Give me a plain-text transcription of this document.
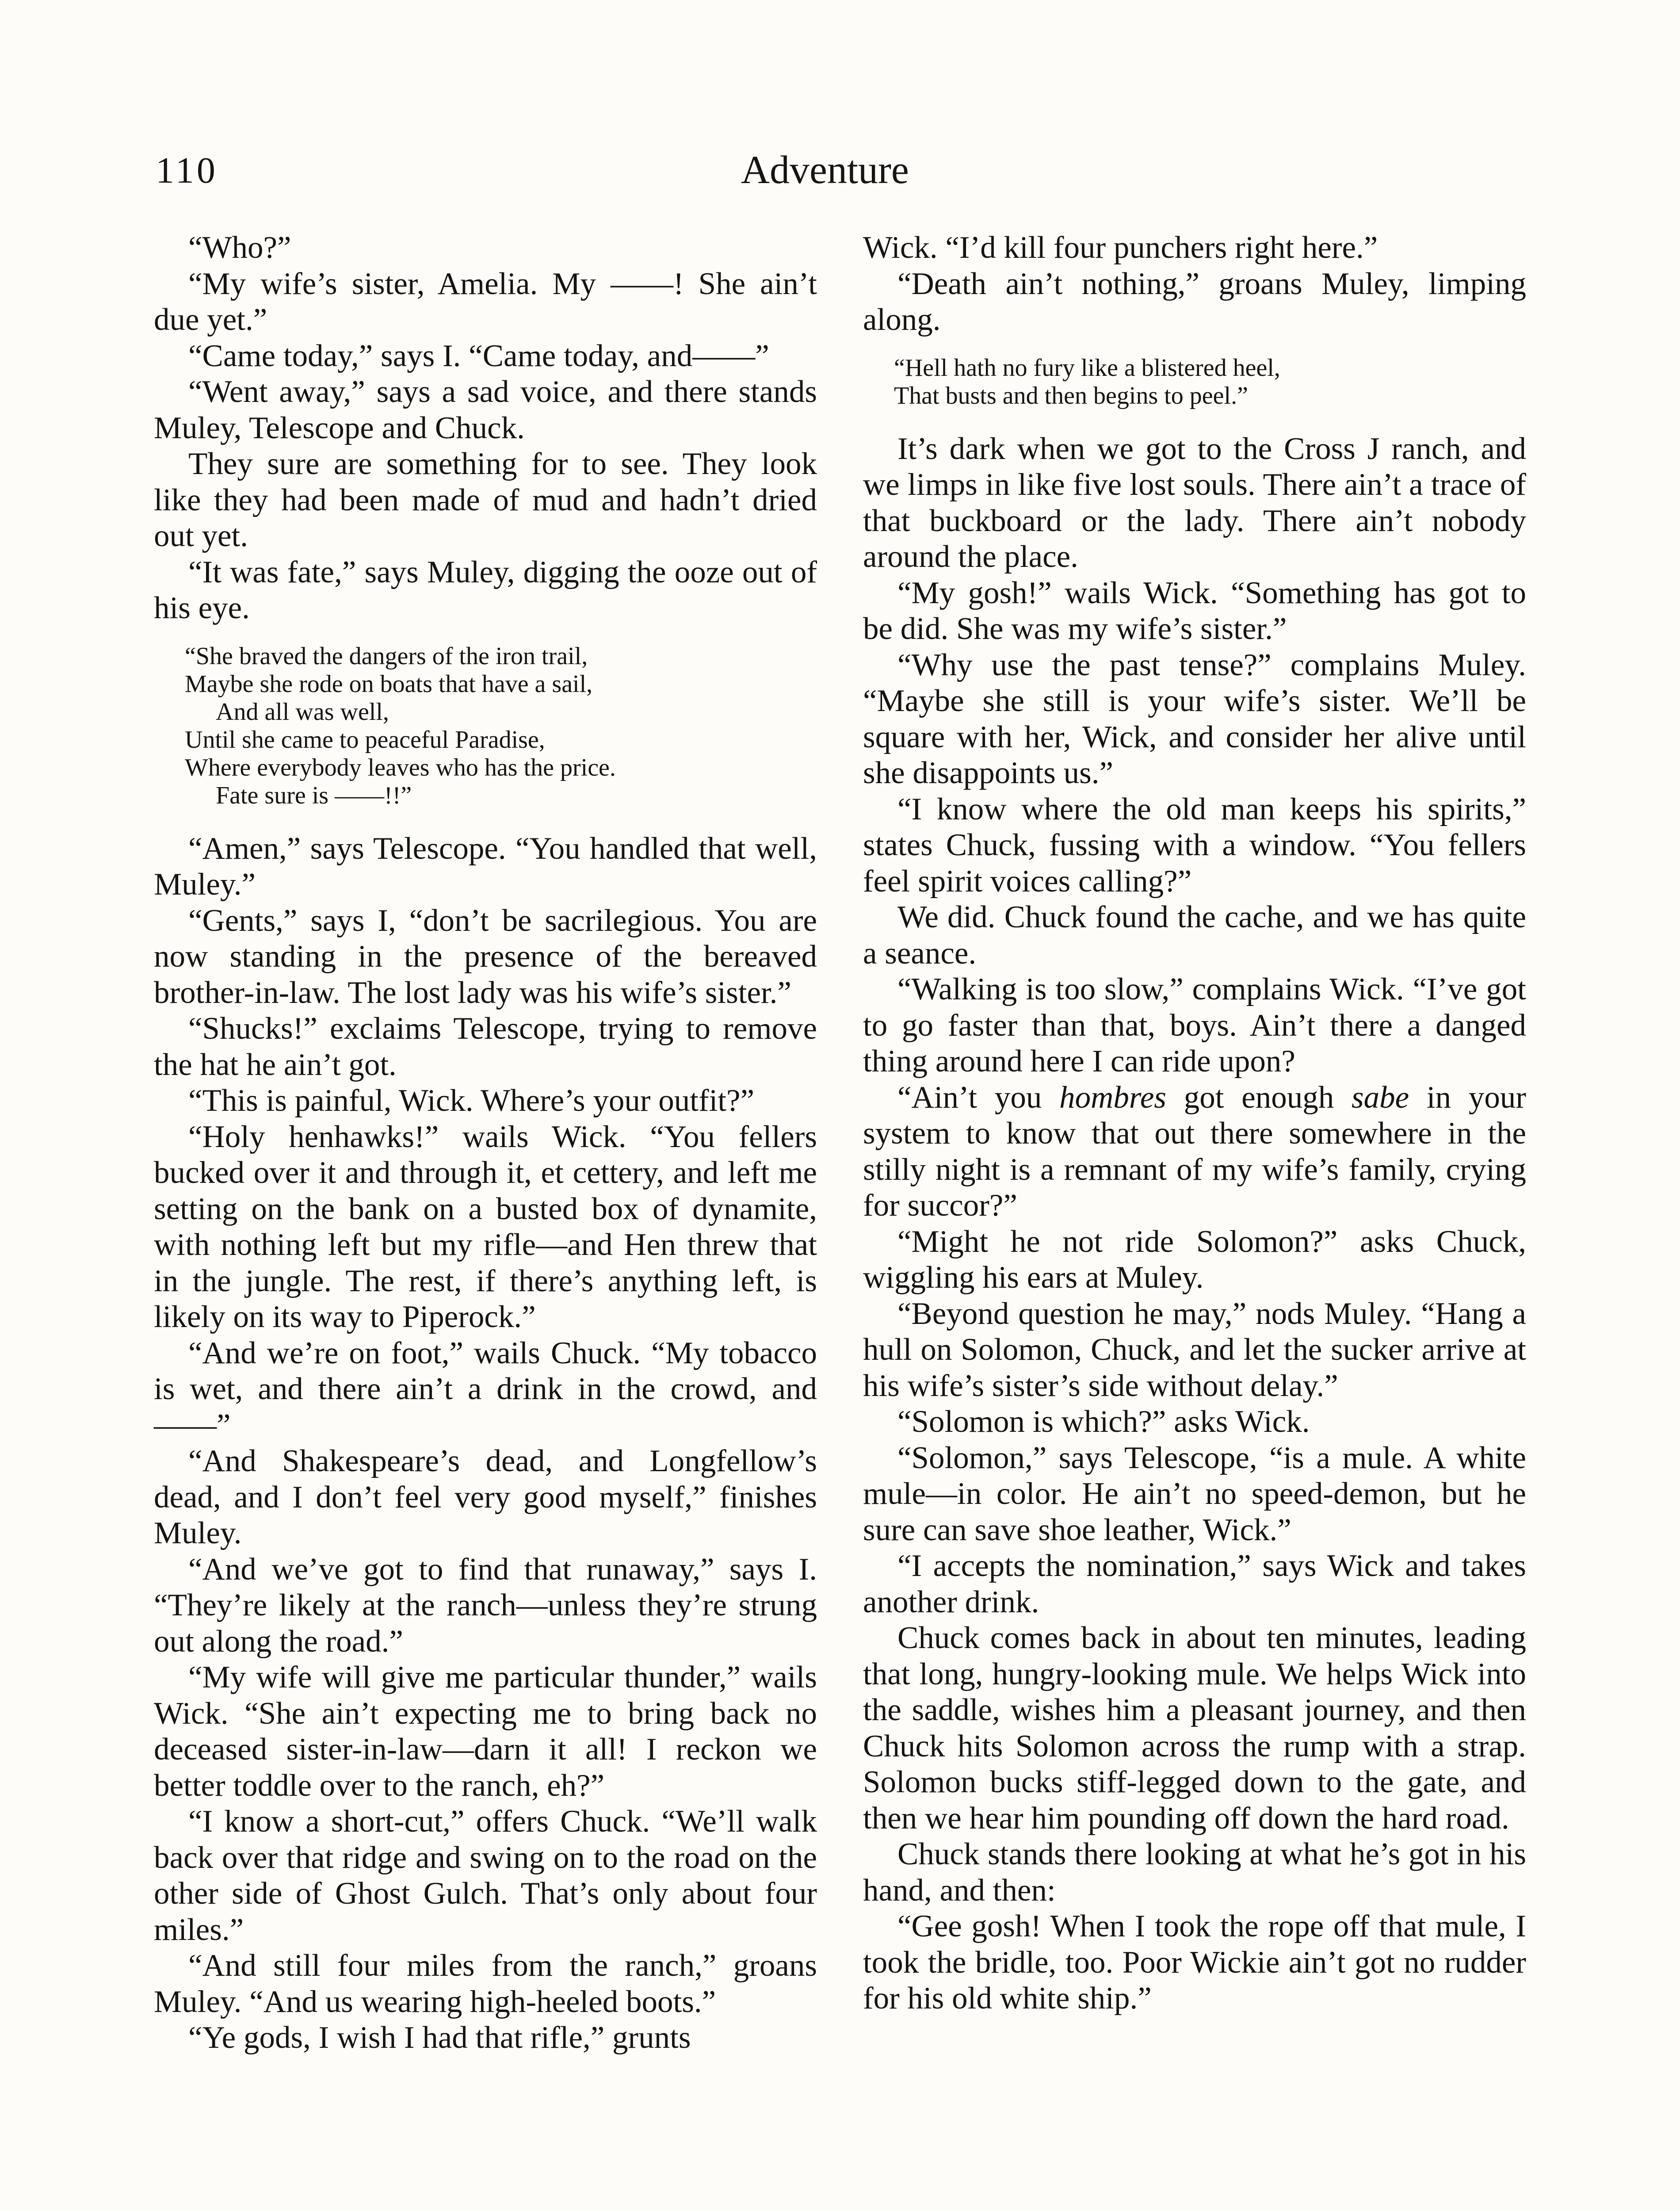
110	Adventure

“Who?”

“My wife’s sister, Amelia. My ——! She ain’t due yet.”

“Came today,” says I. “Came today, and——”

“Went away,” says a sad voice, and there stands Muley, Telescope and Chuck.

They sure are something for to see. They look like they had been made of mud and hadn’t dried out yet.

“It was fate,” says Muley, digging the ooze out of his eye.

“She braved the dangers of the iron trail,
Maybe she rode on boats that have a sail,
And all was well,
Until she came to peaceful Paradise,
Where everybody leaves who has the price.
Fate sure is ——!!”

“Amen,” says Telescope. “You handled that well, Muley.”

“Gents,” says I, “don’t be sacrilegious. You are now standing in the presence of the bereaved brother-in-law. The lost lady was his wife’s sister.”

“Shucks!” exclaims Telescope, trying to remove the hat he ain’t got.

“This is painful, Wick. Where’s your outfit?”

“Holy henhawks!” wails Wick. “You fellers bucked over it and through it, et cettery, and left me setting on the bank on a busted box of dynamite, with nothing left but my rifle—and Hen threw that in the jungle. The rest, if there’s anything left, is likely on its way to Piperock.”

“And we’re on foot,” wails Chuck. “My tobacco is wet, and there ain’t a drink in the crowd, and——”

“And Shakespeare’s dead, and Longfellow’s dead, and I don’t feel very good myself,” finishes Muley.

“And we’ve got to find that runaway,” says I. “They’re likely at the ranch—unless they’re strung out along the road.”

“My wife will give me particular thunder,” wails Wick. “She ain’t expecting me to bring back no deceased sister-in-law—darn it all! I reckon we better toddle over to the ranch, eh?”

“I know a short-cut,” offers Chuck. “We’ll walk back over that ridge and swing on to the road on the other side of Ghost Gulch. That’s only about four miles.”

“And still four miles from the ranch,” groans Muley. “And us wearing high-heeled boots.”

“Ye gods, I wish I had that rifle,” grunts

Wick. “I’d kill four punchers right here.”

“Death ain’t nothing,” groans Muley, limping along.

“Hell hath no fury like a blistered heel,
That busts and then begins to peel.”

It’s dark when we got to the Cross J ranch, and we limps in like five lost souls. There ain’t a trace of that buckboard or the lady. There ain’t nobody around the place.

“My gosh!” wails Wick. “Something has got to be did. She was my wife’s sister.”

“Why use the past tense?” complains Muley. “Maybe she still is your wife’s sister. We’ll be square with her, Wick, and consider her alive until she disappoints us.”

“I know where the old man keeps his spirits,” states Chuck, fussing with a window. “You fellers feel spirit voices calling?”

We did. Chuck found the cache, and we has quite a seance.

“Walking is too slow,” complains Wick. “I’ve got to go faster than that, boys. Ain’t there a danged thing around here I can ride upon?

“Ain’t you hombres got enough sabe in your system to know that out there somewhere in the stilly night is a remnant of my wife’s family, crying for succor?”

“Might he not ride Solomon?” asks Chuck, wiggling his ears at Muley.

“Beyond question he may,” nods Muley. “Hang a hull on Solomon, Chuck, and let the sucker arrive at his wife’s sister’s side without delay.”

“Solomon is which?” asks Wick.

“Solomon,” says Telescope, “is a mule. A white mule—in color. He ain’t no speed-demon, but he sure can save shoe leather, Wick.”

“I accepts the nomination,” says Wick and takes another drink.

Chuck comes back in about ten minutes, leading that long, hungry-looking mule. We helps Wick into the saddle, wishes him a pleasant journey, and then Chuck hits Solomon across the rump with a strap. Solomon bucks stiff-legged down to the gate, and then we hear him pounding off down the hard road.

Chuck stands there looking at what he’s got in his hand, and then:

“Gee gosh! When I took the rope off that mule, I took the bridle, too. Poor Wickie ain’t got no rudder for his old white ship.”
